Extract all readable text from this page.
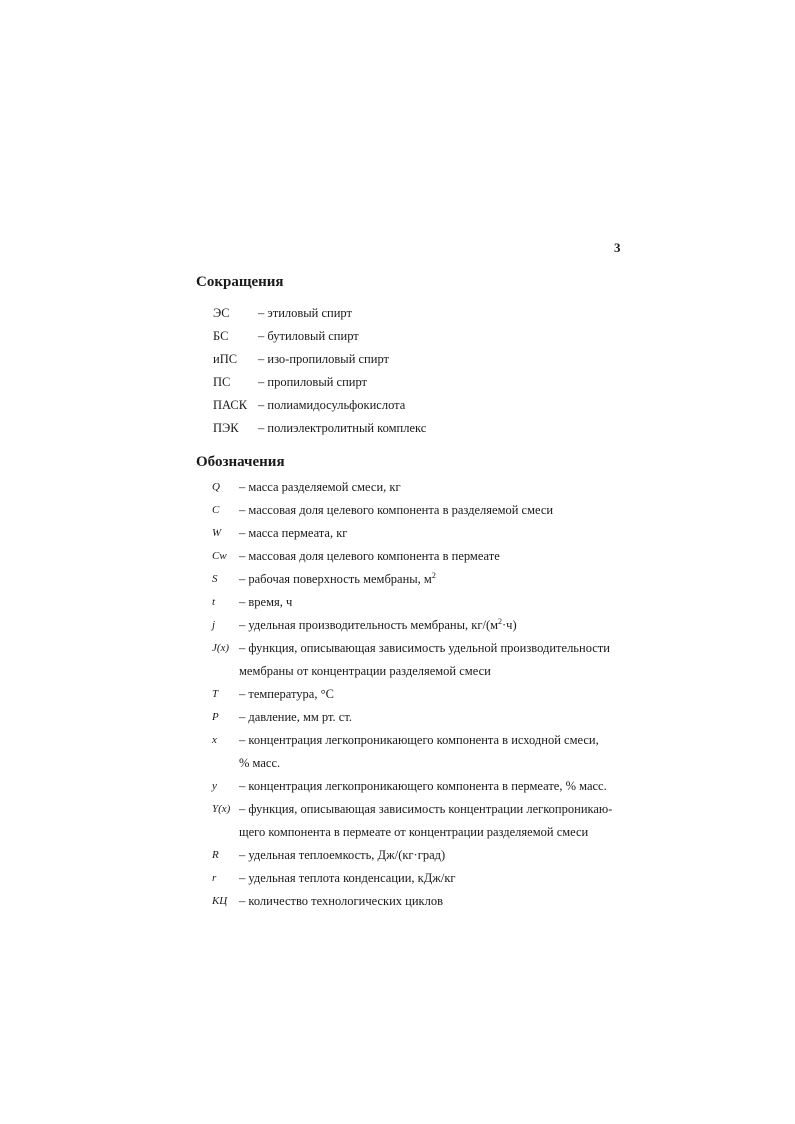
3
Сокращения
ЭС	– этиловый спирт
БС	– бутиловый спирт
иПС	– изо-пропиловый спирт
ПС	– пропиловый спирт
ПАСК – полиамидосульфокислота
ПЭК	– полиэлектролитный комплекс
Обозначения
Q	– масса разделяемой смеси, кг
C	– массовая доля целевого компонента в разделяемой смеси
W	– масса пермеата, кг
Cw – массовая доля целевого компонента в пермеате
S	– рабочая поверхность мембраны, $м^2$
t	– время, ч
j	– удельная производительность мембраны, $кг/(м^2\cdot ч)$
J(x) – функция, описывающая зависимость удельной производительности
мембраны от концентрации разделяемой смеси
T	– температура, °С
P	– давление, мм рт. ст.
x	– концентрация легкопроникающего компонента в исходной смеси,
% масс.
y	– концентрация легкопроникающего компонента в пермеате, % масс.
Y(x) – функция, описывающая зависимость концентрации легкопроникаю-
щего компонента в пермеате от концентрации разделяемой смеси
R	– удельная теплоемкость, Дж/(кг·град)
r	– удельная теплота конденсации, кДж/кг
КЦ – количество технологических циклов
